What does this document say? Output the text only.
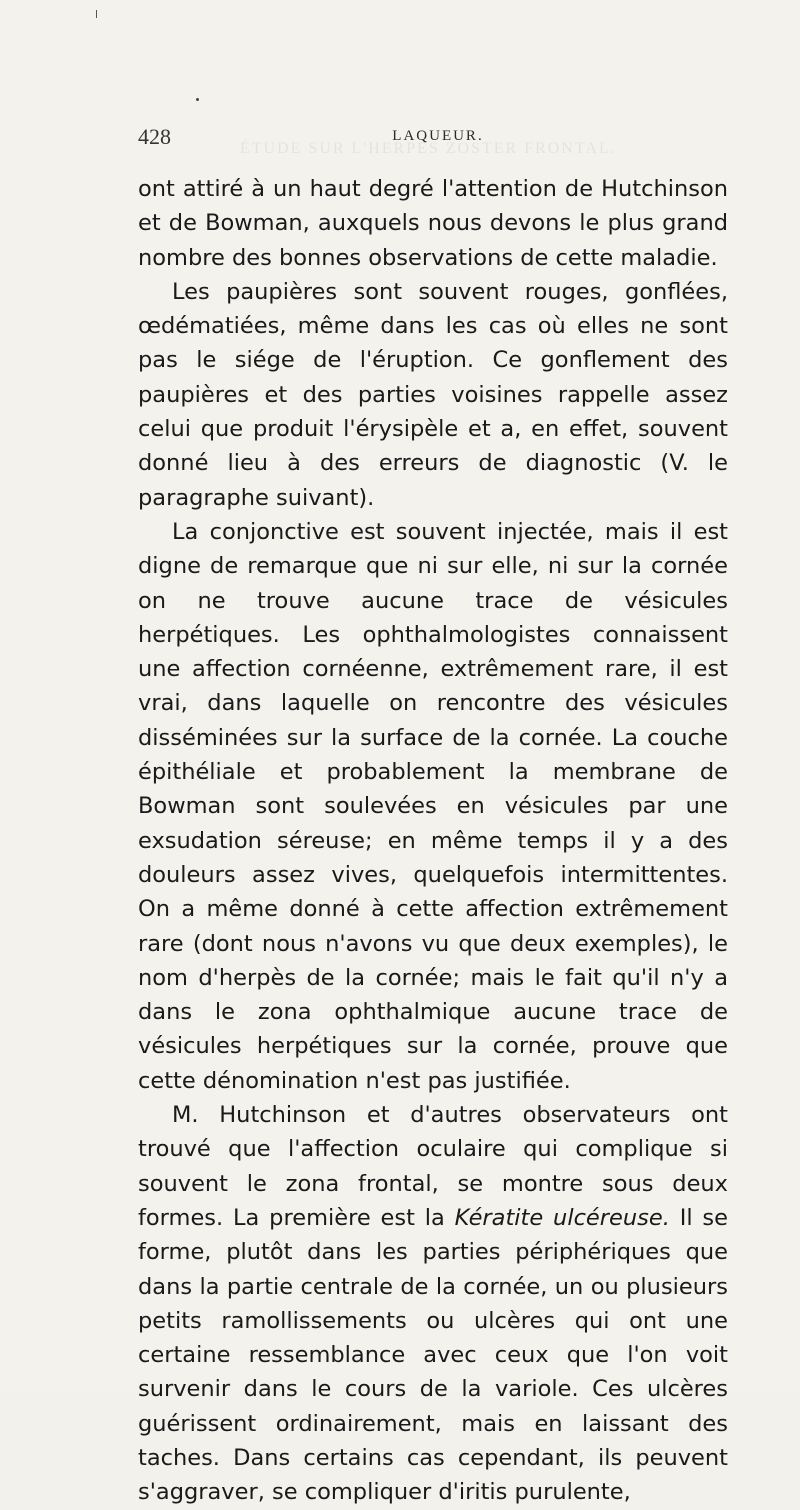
ÉTUDE SUR L'HERPÈS ZOSTER FRONTAL.
428	LAQUEUR.

ont attiré à un haut degré l'attention de Hutchinson et de Bowman, auxquels nous devons le plus grand nombre des bonnes observations de cette maladie.

Les paupières sont souvent rouges, gonflées, œdématiées, même dans les cas où elles ne sont pas le siége de l'éruption. Ce gonflement des paupières et des parties voisines rappelle assez celui que produit l'érysipèle et a, en effet, souvent donné lieu à des erreurs de diagnostic (V. le paragraphe suivant).

La conjonctive est souvent injectée, mais il est digne de remarque que ni sur elle, ni sur la cornée on ne trouve aucune trace de vésicules herpétiques. Les ophthalmologistes connaissent une affection cornéenne, extrêmement rare, il est vrai, dans laquelle on rencontre des vésicules disséminées sur la surface de la cornée. La couche épithéliale et probablement la membrane de Bowman sont soulevées en vésicules par une exsudation séreuse; en même temps il y a des douleurs assez vives, quelquefois intermittentes. On a même donné à cette affection extrêmement rare (dont nous n'avons vu que deux exemples), le nom d'herpès de la cornée; mais le fait qu'il n'y a dans le zona ophthalmique aucune trace de vésicules herpétiques sur la cornée, prouve que cette dénomination n'est pas justifiée.

M. Hutchinson et d'autres observateurs ont trouvé que l'affection oculaire qui complique si souvent le zona frontal, se montre sous deux formes. La première est la Kératite ulcéreuse. Il se forme, plutôt dans les parties périphériques que dans la partie centrale de la cornée, un ou plusieurs petits ramollissements ou ulcères qui ont une certaine ressemblance avec ceux que l'on voit survenir dans le cours de la variole. Ces ulcères guérissent ordinairement, mais en laissant des taches. Dans certains cas cependant, ils peuvent s'aggraver, se compliquer d'iritis purulente,
